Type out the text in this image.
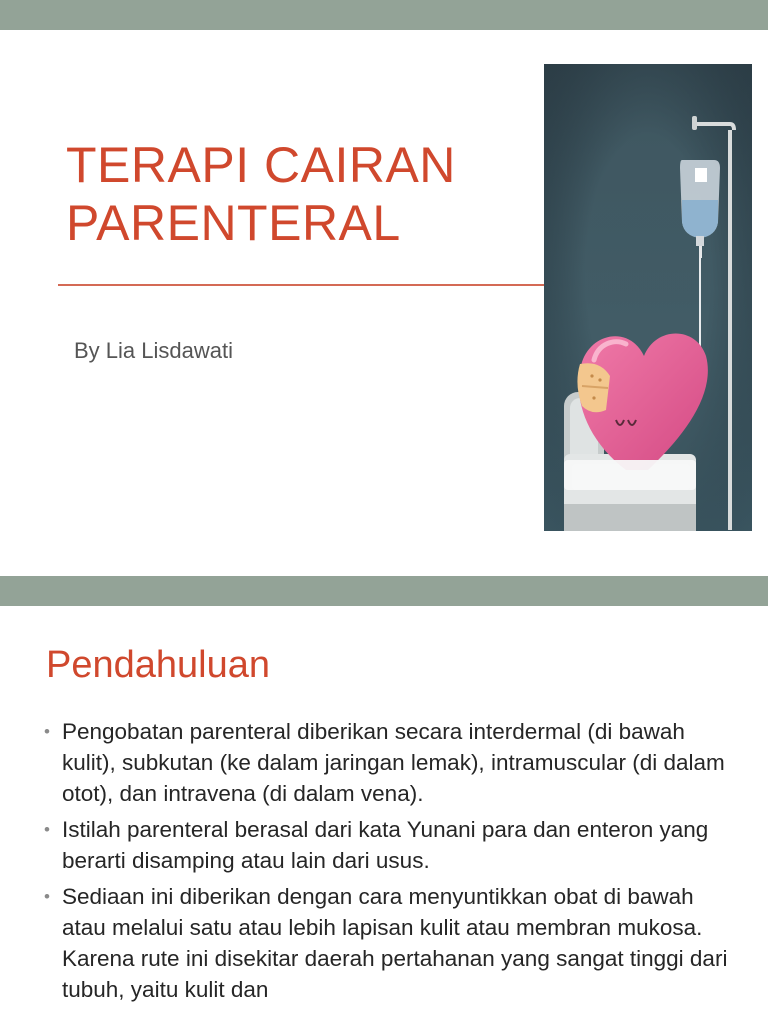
TERAPI CAIRAN
PARENTERAL
By Lia Lisdawati
Pendahuluan
• Pengobatan parenteral diberikan secara interdermal (di bawah kulit), subkutan (ke dalam jaringan lemak), intramuscular (di dalam otot), dan intravena (di dalam vena).
• Istilah parenteral berasal dari kata Yunani para dan enteron yang berarti disamping atau lain dari usus.
• Sediaan ini diberikan dengan cara menyuntikkan obat di bawah atau melalui satu atau lebih lapisan kulit atau membran mukosa. Karena rute ini disekitar daerah pertahanan yang sangat tinggi dari tubuh, yaitu kulit dan
